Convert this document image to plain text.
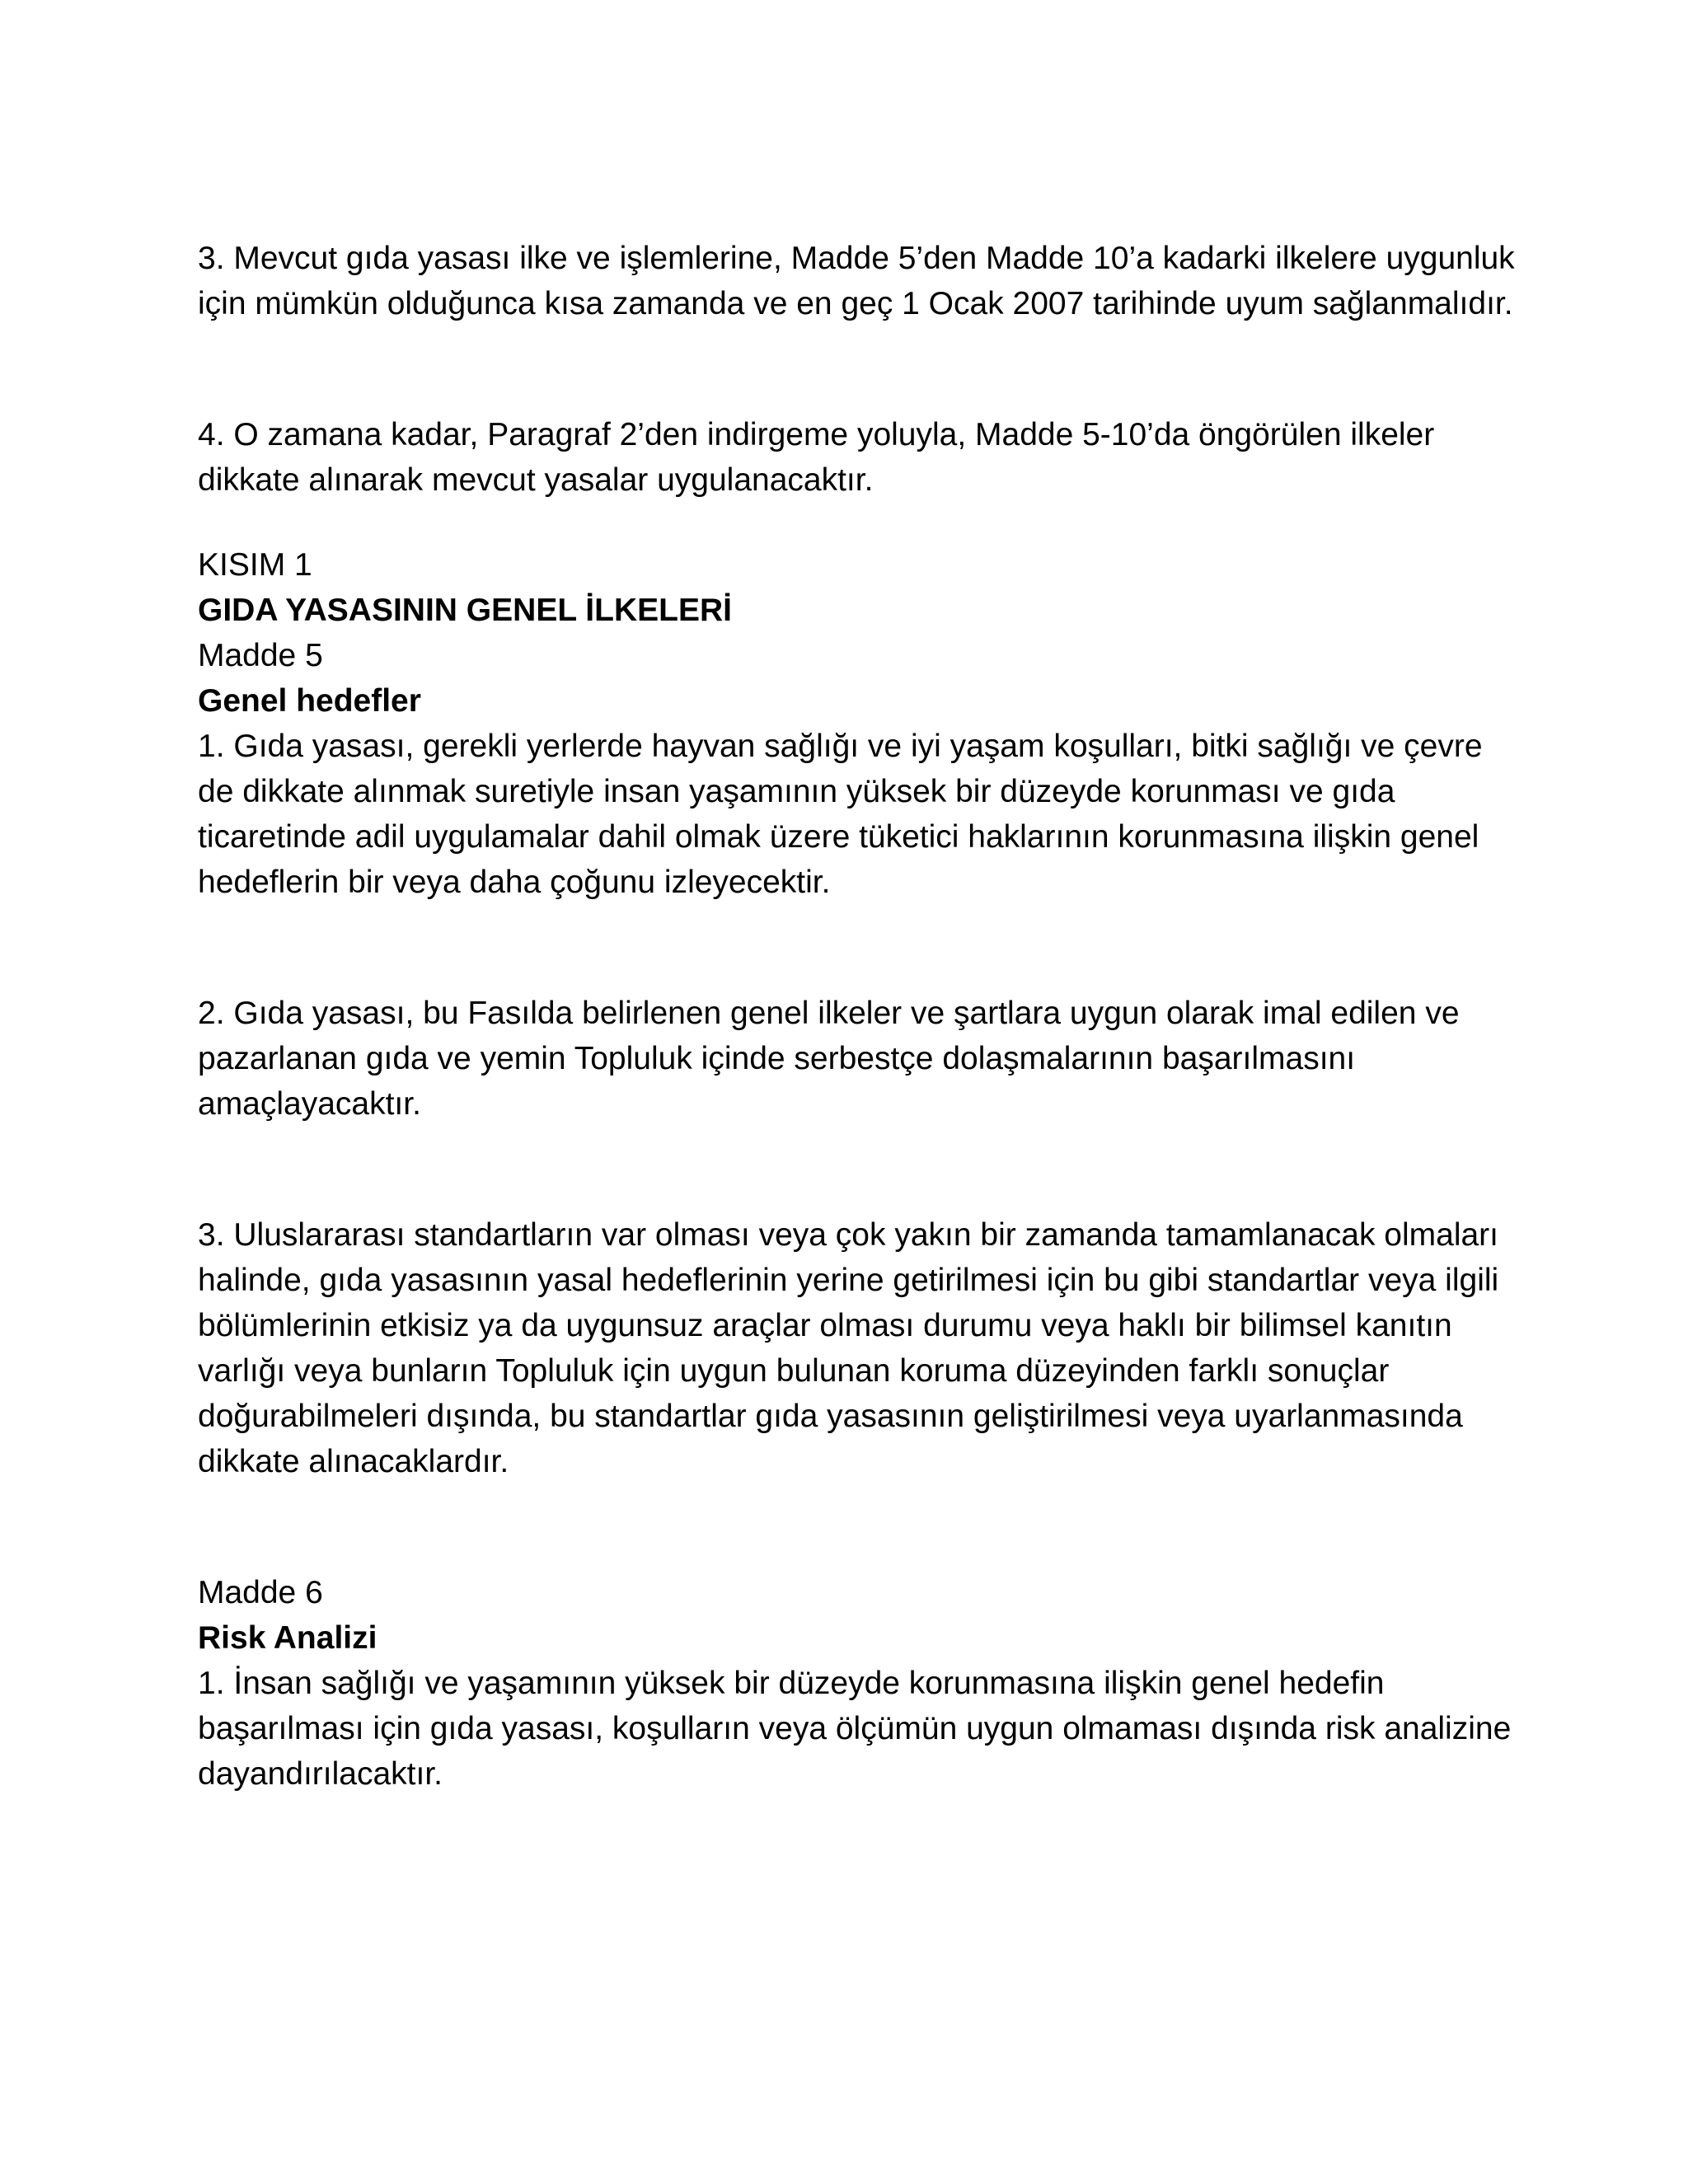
3. Mevcut gıda yasası ilke ve işlemlerine, Madde 5’den Madde 10’a kadarki ilkelere uygunluk için mümkün olduğunca kısa zamanda ve en geç 1 Ocak 2007 tarihinde uyum sağlanmalıdır.

4. O zamana kadar, Paragraf 2’den indirgeme yoluyla, Madde 5-10’da öngörülen ilkeler dikkate alınarak mevcut yasalar uygulanacaktır.

KISIM 1

GIDA YASASININ GENEL İLKELERİ

Madde 5

Genel hedefler

1. Gıda yasası, gerekli yerlerde hayvan sağlığı ve iyi yaşam koşulları, bitki sağlığı ve çevre de dikkate alınmak suretiyle insan yaşamının yüksek bir düzeyde korunması ve gıda ticaretinde adil uygulamalar dahil olmak üzere tüketici haklarının korunmasına ilişkin genel hedeflerin bir veya daha çoğunu izleyecektir.

2. Gıda yasası, bu Fasılda belirlenen genel ilkeler ve şartlara uygun olarak imal edilen ve pazarlanan gıda ve yemin Topluluk içinde serbestçe dolaşmalarının başarılmasını amaçlayacaktır.

3. Uluslararası standartların var olması veya çok yakın bir zamanda tamamlanacak olmaları halinde, gıda yasasının yasal hedeflerinin yerine getirilmesi için bu gibi standartlar veya ilgili bölümlerinin etkisiz ya da uygunsuz araçlar olması durumu veya haklı bir bilimsel kanıtın varlığı veya bunların Topluluk için uygun bulunan koruma düzeyinden farklı sonuçlar doğurabilmeleri dışında, bu standartlar gıda yasasının geliştirilmesi veya uyarlanmasında dikkate alınacaklardır.

Madde 6

Risk Analizi

1. İnsan sağlığı ve yaşamının yüksek bir düzeyde korunmasına ilişkin genel hedefin başarılması için gıda yasası, koşulların veya ölçümün uygun olmaması dışında risk analizine dayandırılacaktır.
